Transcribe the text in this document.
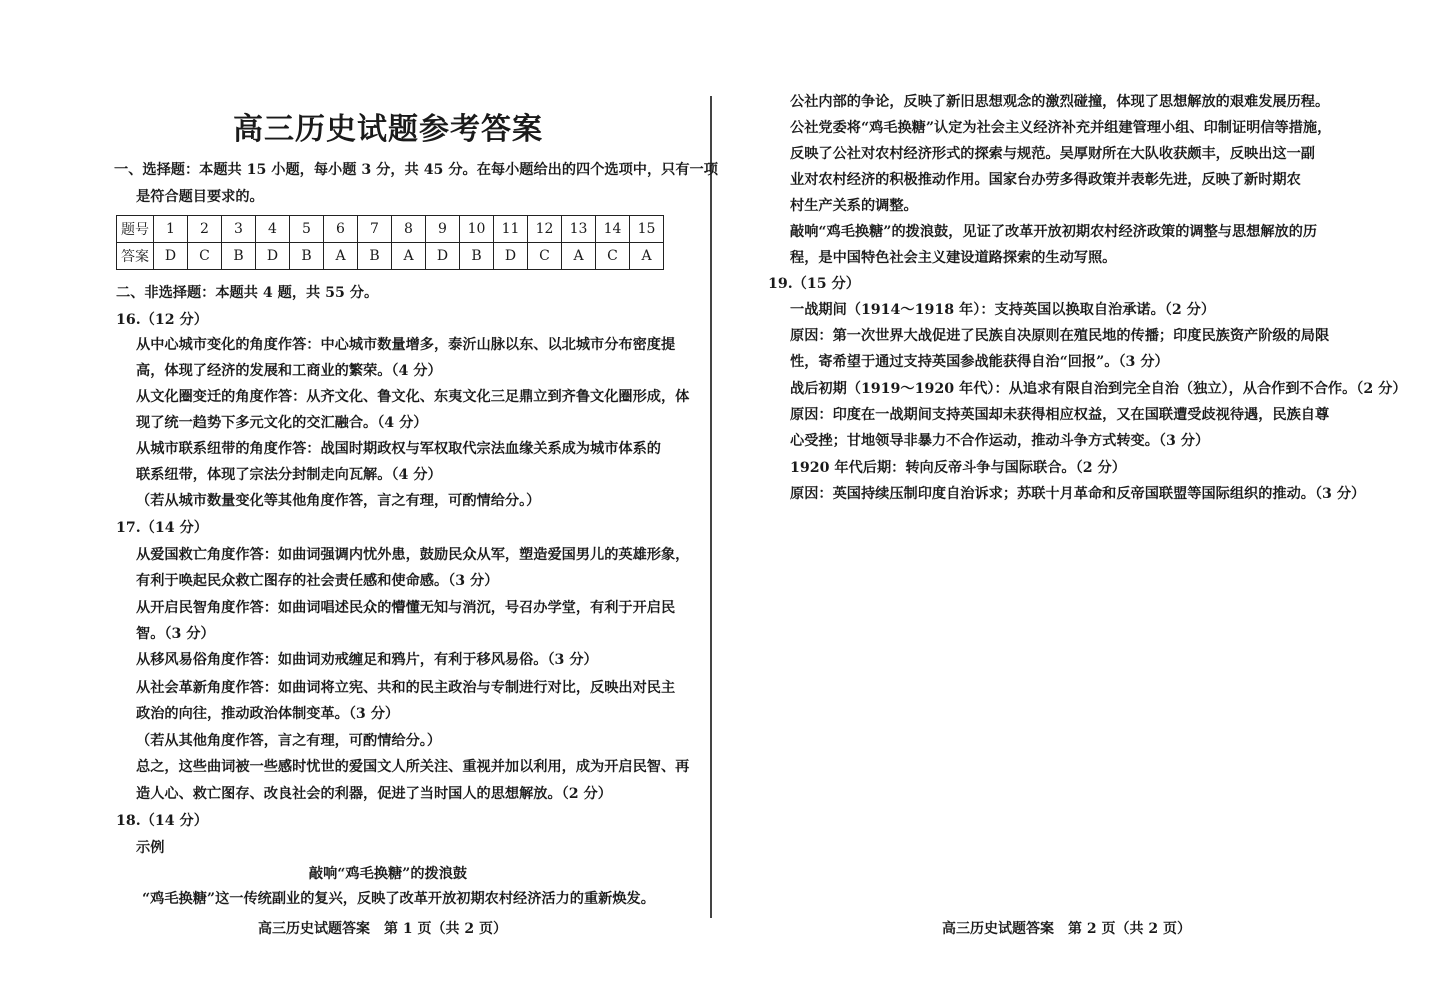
高三历史试题参考答案
一、选择题：本题共 15 小题，每小题 3 分，共 45 分。在每小题给出的四个选项中，只有一项
是符合题目要求的。
题号	1	2	3	4	5	6	7	8	9	10	11	12	13	14	15
答案	D	C	B	D	B	A	B	A	D	B	D	C	A	C	A
二、非选择题：本题共 4 题，共 55 分。
16.（12 分）
从中心城市变化的角度作答：中心城市数量增多，泰沂山脉以东、以北城市分布密度提
高，体现了经济的发展和工商业的繁荣。（4 分）
从文化圈变迁的角度作答：从齐文化、鲁文化、东夷文化三足鼎立到齐鲁文化圈形成，体
现了统一趋势下多元文化的交汇融合。（4 分）
从城市联系纽带的角度作答：战国时期政权与军权取代宗法血缘关系成为城市体系的
联系纽带，体现了宗法分封制走向瓦解。（4 分）
（若从城市数量变化等其他角度作答，言之有理，可酌情给分。）
17.（14 分）
从爱国救亡角度作答：如曲词强调内忧外患，鼓励民众从军，塑造爱国男儿的英雄形象，
有利于唤起民众救亡图存的社会责任感和使命感。（3 分）
从开启民智角度作答：如曲词唱述民众的懵懂无知与消沉，号召办学堂，有利于开启民
智。（3 分）
从移风易俗角度作答：如曲词劝戒缠足和鸦片，有利于移风易俗。（3 分）
从社会革新角度作答：如曲词将立宪、共和的民主政治与专制进行对比，反映出对民主
政治的向往，推动政治体制变革。（3 分）
（若从其他角度作答，言之有理，可酌情给分。）
总之，这些曲词被一些感时忧世的爱国文人所关注、重视并加以利用，成为开启民智、再
造人心、救亡图存、改良社会的利器，促进了当时国人的思想解放。（2 分）
18.（14 分）
示例
敲响“鸡毛换糖”的拨浪鼓
“鸡毛换糖”这一传统副业的复兴，反映了改革开放初期农村经济活力的重新焕发。
高三历史试题答案　第 1 页（共 2 页）
公社内部的争论，反映了新旧思想观念的激烈碰撞，体现了思想解放的艰难发展历程。
公社党委将“鸡毛换糖”认定为社会主义经济补充并组建管理小组、印制证明信等措施，
反映了公社对农村经济形式的探索与规范。吴厚财所在大队收获颇丰，反映出这一副
业对农村经济的积极推动作用。国家台办劳多得政策并表彰先进，反映了新时期农
村生产关系的调整。
敲响“鸡毛换糖”的拨浪鼓，见证了改革开放初期农村经济政策的调整与思想解放的历
程，是中国特色社会主义建设道路探索的生动写照。
19.（15 分）
一战期间（1914～1918 年）：支持英国以换取自治承诺。（2 分）
原因：第一次世界大战促进了民族自决原则在殖民地的传播；印度民族资产阶级的局限
性，寄希望于通过支持英国参战能获得自治“回报”。（3 分）
战后初期（1919～1920 年代）：从追求有限自治到完全自治（独立），从合作到不合作。（2 分）
原因：印度在一战期间支持英国却未获得相应权益，又在国联遭受歧视待遇，民族自尊
心受挫；甘地领导非暴力不合作运动，推动斗争方式转变。（3 分）
1920 年代后期：转向反帝斗争与国际联合。（2 分）
原因：英国持续压制印度自治诉求；苏联十月革命和反帝国联盟等国际组织的推动。（3 分）
高三历史试题答案　第 2 页（共 2 页）
